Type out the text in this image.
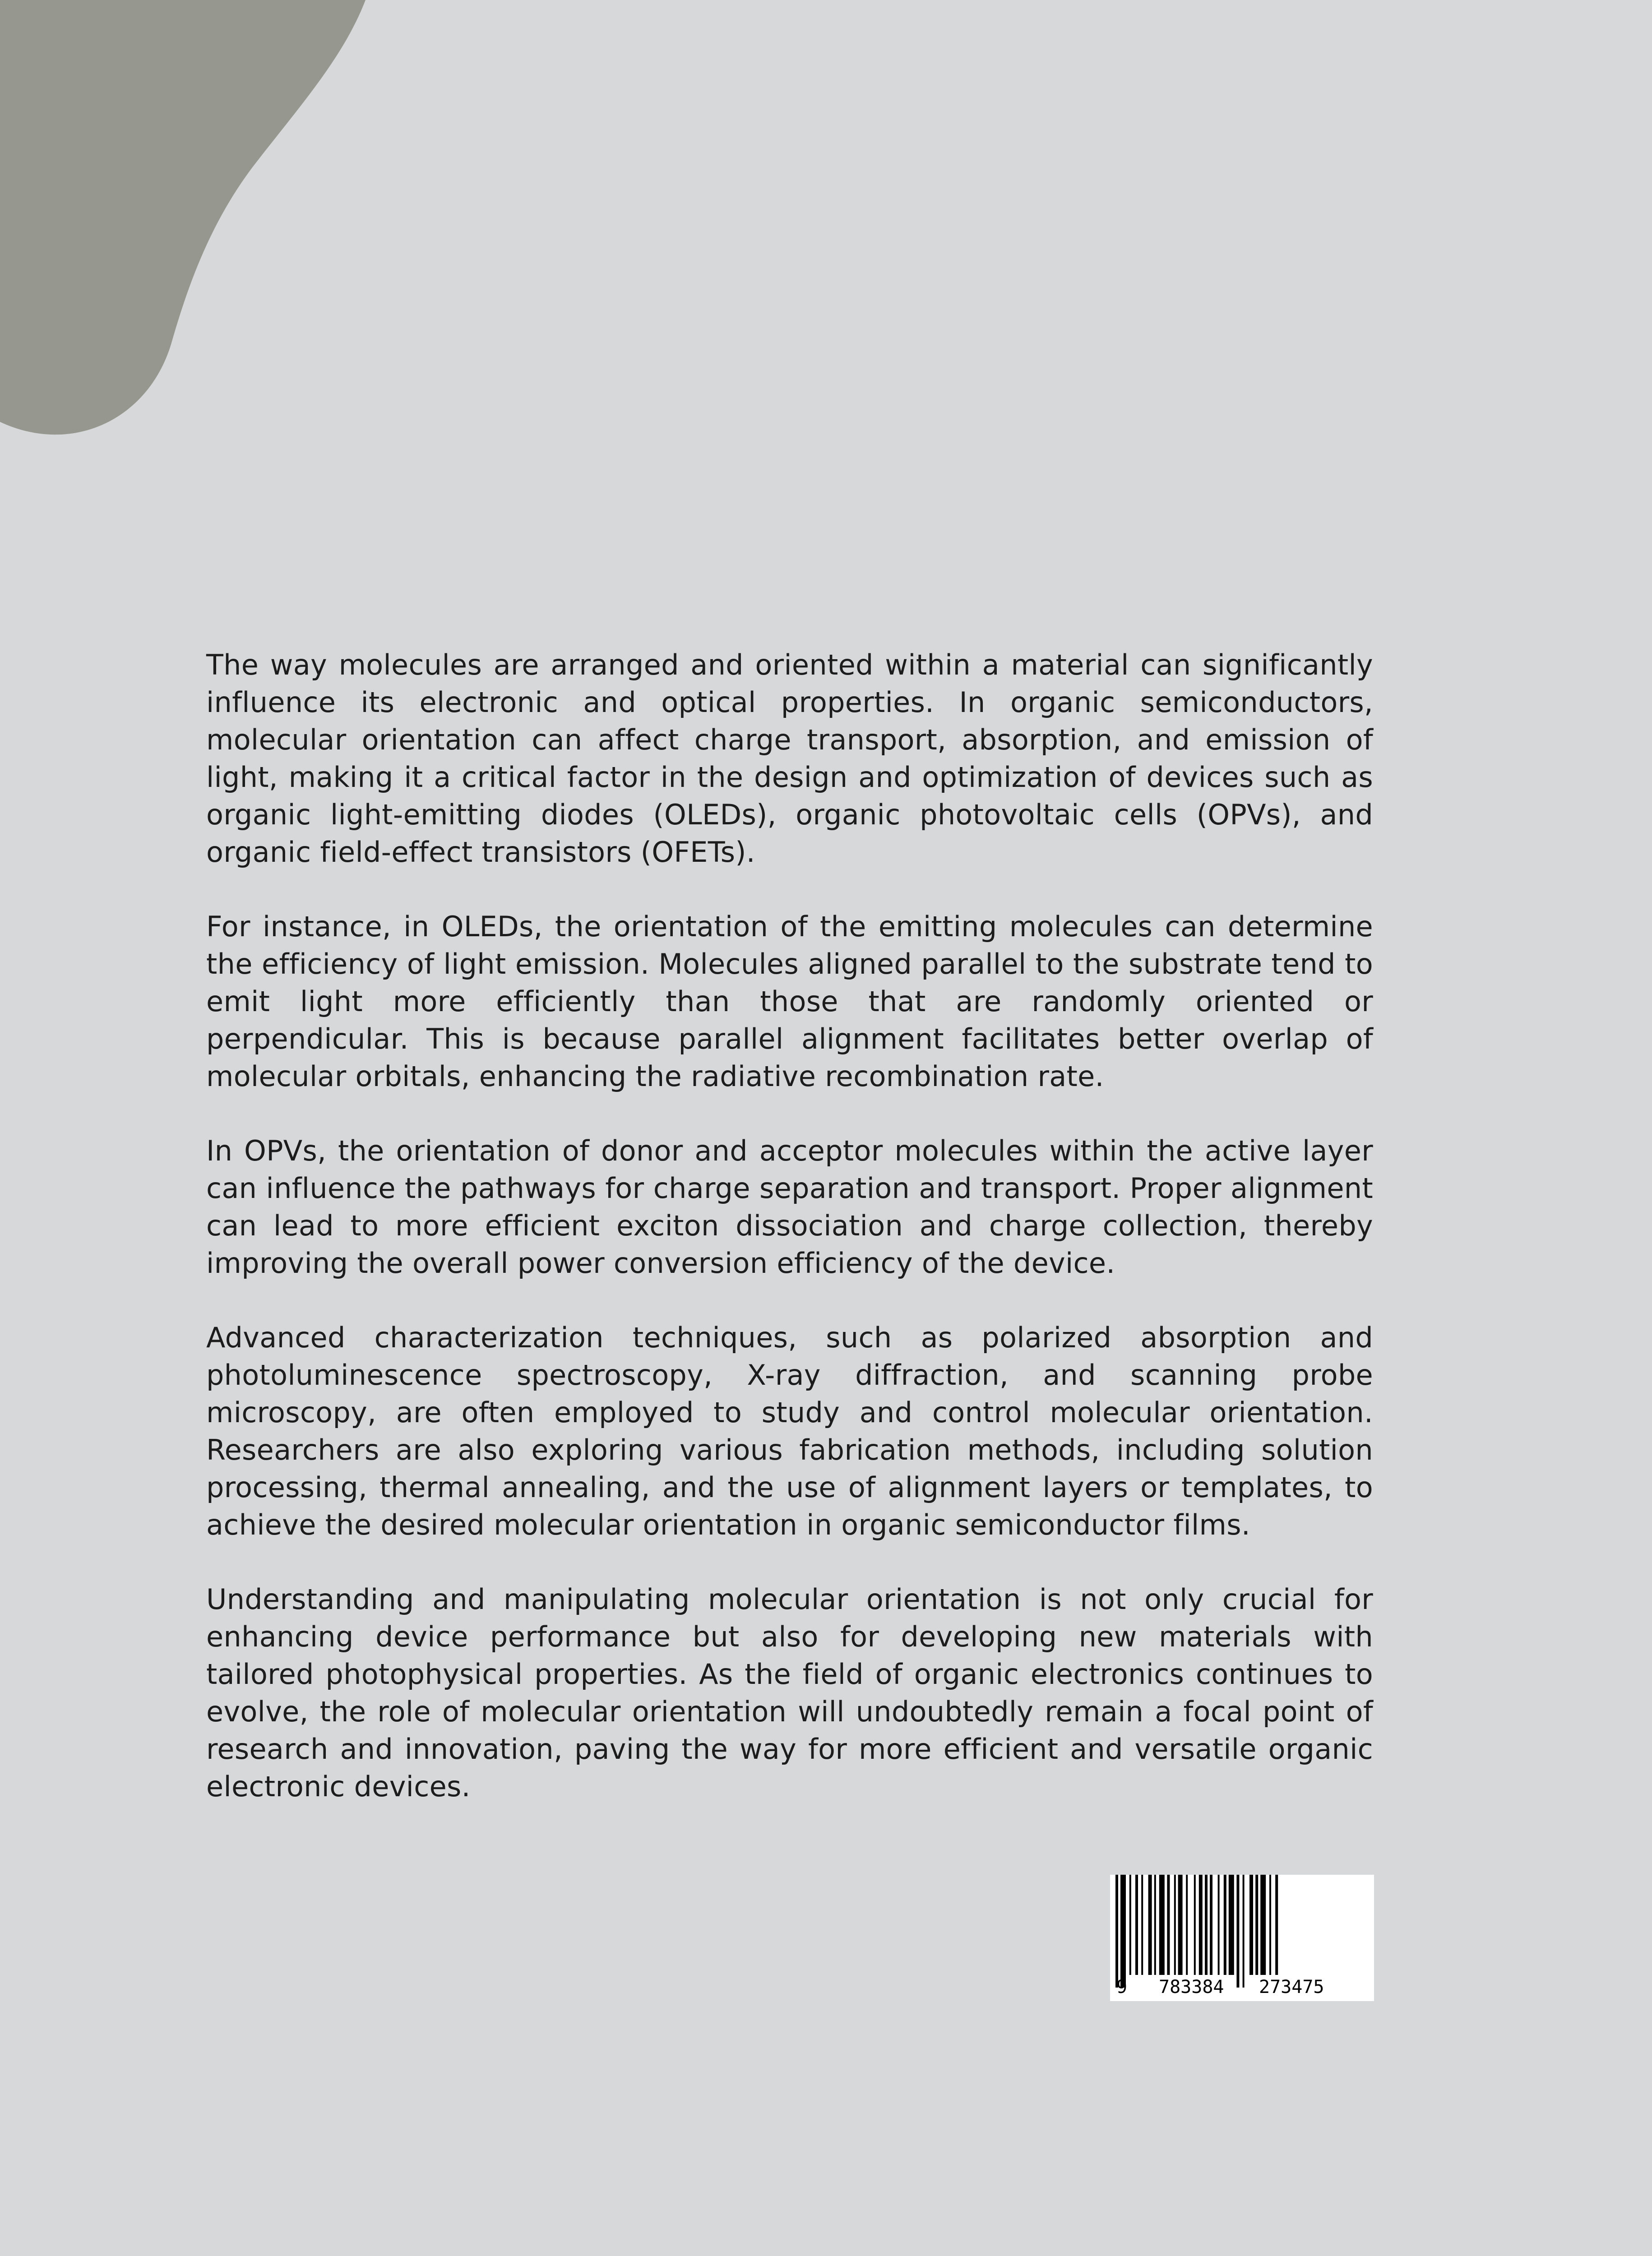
The way molecules are arranged and oriented within a material can significantly influence its electronic and optical properties. In organic semiconductors, molecular orientation can affect charge transport, absorption, and emission of light, making it a critical factor in the design and optimization of devices such as organic light-emitting diodes (OLEDs), organic photovoltaic cells (OPVs), and organic field-effect transistors (OFETs).

For instance, in OLEDs, the orientation of the emitting molecules can determine the efficiency of light emission. Molecules aligned parallel to the substrate tend to emit light more efficiently than those that are randomly oriented or perpendicular. This is because parallel alignment facilitates better overlap of molecular orbitals, enhancing the radiative recombination rate.

In OPVs, the orientation of donor and acceptor molecules within the active layer can influence the pathways for charge separation and transport. Proper alignment can lead to more efficient exciton dissociation and charge collection, thereby improving the overall power conversion efficiency of the device.

Advanced characterization techniques, such as polarized absorption and photoluminescence spectroscopy, X-ray diffraction, and scanning probe microscopy, are often employed to study and control molecular orientation. Researchers are also exploring various fabrication methods, including solution processing, thermal annealing, and the use of alignment layers or templates, to achieve the desired molecular orientation in organic semiconductor films.

Understanding and manipulating molecular orientation is not only crucial for enhancing device performance but also for developing new materials with tailored photophysical properties. As the field of organic electronics continues to evolve, the role of molecular orientation will undoubtedly remain a focal point of research and innovation, paving the way for more efficient and versatile organic electronic devices.

9 783384 273475
